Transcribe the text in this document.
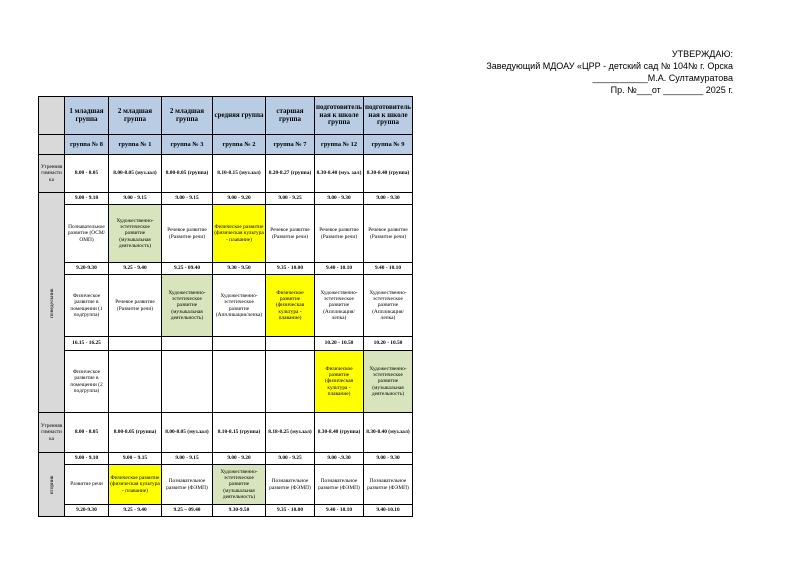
УТВЕРЖДАЮ:
Заведующий МДОАУ «ЦРР - детский сад № 104№ г. Орска
___________М.А. Султамуратова
Пр. №___от ________ 2025 г.
	1 младшая группа	2 младшая группа	2 младшая группа	средняя группа	старшая группа	подготовительная к школе группа	подготовительная к школе группа
	группа № 8	группа № 1	группа № 3	группа № 2	группа № 7	группа № 12	группа № 9
Утренняя гимнастика	8.00 - 8.05	8.00-8.05 (муз.зал)	8.00-8.05 (группа)	8.10-8.15 (муз.зал)	8.20-8.27 (группа)	8.30-8.40 (муз. зал)	8.30-8.40 (группа)
понедельник	9.00 - 9.10	9.00 - 9.15	9.00 - 9.15	9.00 - 9.20	9.00 - 9.25	9.00 - 9.30	9.00 - 9.30
	Познавательное развитие (ОСМ/ОМП)	Художественно-эстетическое развитие (музыкальная деятельность)	Речевое развитие (Развитие речи)	Физическое развитие (физическая культура - плавание)	Речевое развитие (Развитие речи)	Речевое развитие (Развитие речи)	Речевое развитие (Развитие речи)
	9.20-9.30	9.25 - 9.40	9.25 - 09.40	9.30 - 9.50	9.35 - 10.00	9.40 - 10.10	9.40 - 10.10
	Физическое развитие в помещении (1 подгруппа)	Речевое развитие (Развитие речи)	Художественно-эстетическое развитие (музыкальная деятельность)	Художественно-эстетическое развитие (Аппликация/лепка)	Физическое развитие (физическая культура - плавание)	Художественно-эстетическое развитие (Аппликация/лепка)	Художественно-эстетическое развитие (Аппликация/лепка)
	16.15 - 16.25					10.20 - 10.50	10.20 - 10.50
	Физическое развитие в помещении (2 подгруппа)					Физическое развитие (физическая культура - плавание)	Художественно-эстетическое развитие (музыкальная деятельность)
Утренняя гимнастика	8.00 - 8.05	8.00-8.05 (группа)	8.00-8.05 (муз.зал)	8.10-8.15 (группа)	8.18-8.25 (муз.зал)	8.30-8.40 (группа)	8.30-8.40 (муз.зал)
вторник	9.00 - 9.10	9.00 – 9.15	9.00 - 9.15	9.00 - 9.20	9.00 - 9.25	9.00 -.9.30	9.00 - 9.30
	Развитие речи	Физическое развитие (физическая культура - плавание)	Познавательное развитие (ФЭМП)	Художественно-эстетическое развитие (музыкальная деятельность)	Познавательное развитие (ФЭМП)	Познавательное развитие (ФЭМП)	Познавательное развитие (ФЭМП)
	9.20-9.30	9.25 - 9.40	9.25 – 09.40	9.30-9.50	9.35 - 10.00	9.40 - 10.10	9.40-10.10
